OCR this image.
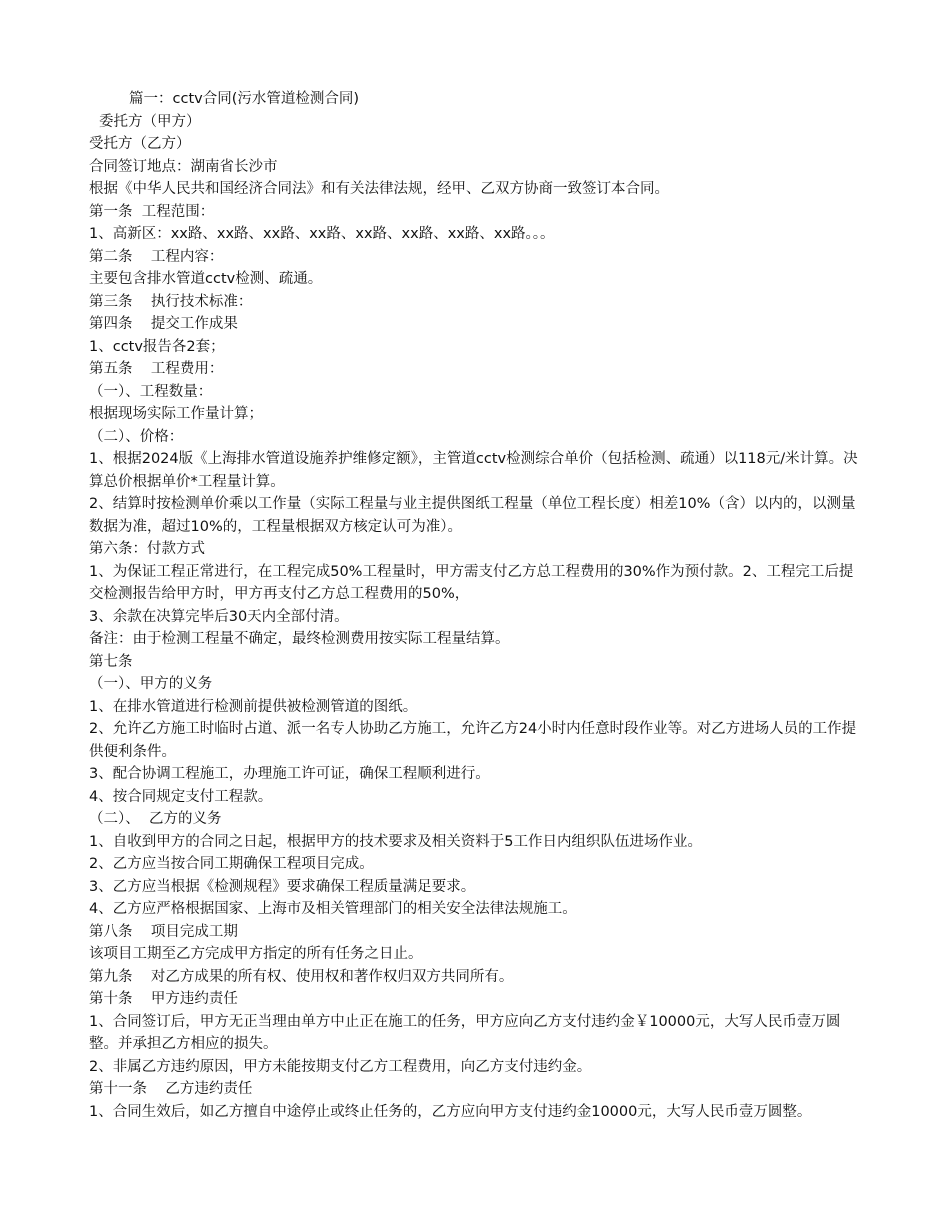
篇一：cctv合同(污水管道检测合同)

委托方（甲方）

受托方（乙方）

合同签订地点：湖南省长沙市

根据《中华人民共和国经济合同法》和有关法律法规，经甲、乙双方协商一致签订本合同。

第一条  工程范围：

1、高新区：xx路、xx路、xx路、xx路、xx路、xx路、xx路、xx路。。。

第二条    工程内容：

主要包含排水管道cctv检测、疏通。

第三条    执行技术标准：

第四条    提交工作成果

1、cctv报告各2套；

第五条    工程费用：

（一）、工程数量：

根据现场实际工作量计算；

（二）、价格：

1、根据2024版《上海排水管道设施养护维修定额》，主管道cctv检测综合单价（包括检测、疏通）以118元/米计算。决算总价根据单价*工程量计算。

2、结算时按检测单价乘以工作量（实际工程量与业主提供图纸工程量（单位工程长度）相差10%（含）以内的，以测量数据为准，超过10%的，工程量根据双方核定认可为准）。

第六条：付款方式

1、为保证工程正常进行，在工程完成50%工程量时，甲方需支付乙方总工程费用的30%作为预付款。2、工程完工后提交检测报告给甲方时，甲方再支付乙方总工程费用的50%，

3、余款在决算完毕后30天内全部付清。

备注：由于检测工程量不确定，最终检测费用按实际工程量结算。

第七条

（一）、甲方的义务

1、在排水管道进行检测前提供被检测管道的图纸。

2、允许乙方施工时临时占道、派一名专人协助乙方施工，允许乙方24小时内任意时段作业等。对乙方进场人员的工作提供便利条件。

3、配合协调工程施工，办理施工许可证，确保工程顺利进行。

4、按合同规定支付工程款。

（二）、  乙方的义务

1、自收到甲方的合同之日起，根据甲方的技术要求及相关资料于5工作日内组织队伍进场作业。

2、乙方应当按合同工期确保工程项目完成。

3、乙方应当根据《检测规程》要求确保工程质量满足要求。

4、乙方应严格根据国家、上海市及相关管理部门的相关安全法律法规施工。

第八条    项目完成工期

该项目工期至乙方完成甲方指定的所有任务之日止。

第九条    对乙方成果的所有权、使用权和著作权归双方共同所有。

第十条    甲方违约责任

1、合同签订后，甲方无正当理由单方中止正在施工的任务，甲方应向乙方支付违约金￥10000元，大写人民币壹万圆整。并承担乙方相应的损失。

2、非属乙方违约原因，甲方未能按期支付乙方工程费用，向乙方支付违约金。

第十一条    乙方违约责任

1、合同生效后，如乙方擅自中途停止或终止任务的，乙方应向甲方支付违约金10000元，大写人民币壹万圆整。
